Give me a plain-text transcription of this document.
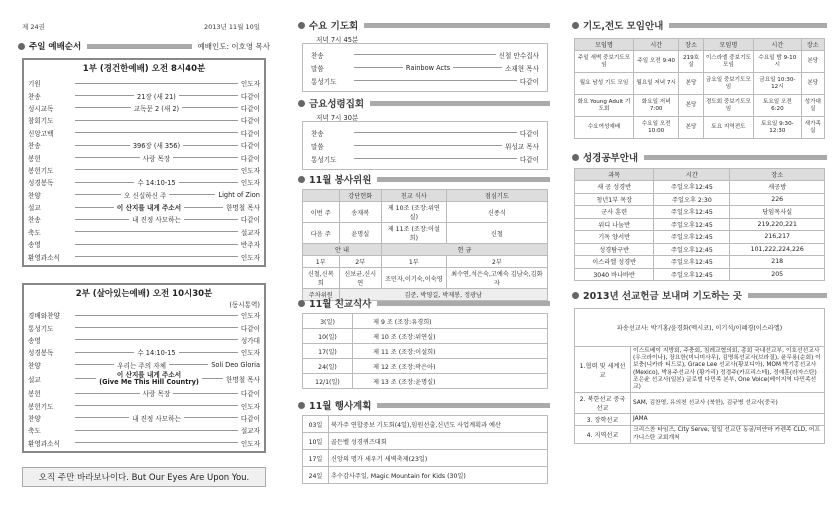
제 24권	2013년 11월 10일
주일 예배순서	예배인도: 이호영 목사
1부 (경건한예배) 오전 8시40분
기원	인도자
찬송	21장 (새 21)	다같이
성시교독	교독문 2 (새 2)	다같이
참회기도	다같이
신앙고백	다같이
찬송	396장 (새 356)	다같이
봉헌	사랑 목장	다같이
봉헌기도	인도자
성경봉독	수 14:10-15	인도자
찬양	오 신실하신 주	Light of Zion
설교	이 산지를 내게 주소서	한명철 목사
찬송	내 진정 사모하는	다같이
축도	설교자
송영	반주자
환영과소식	인도자
2부 (살아있는예배) 오전 10시30분
(동시통역)
경배와찬양	인도자
통성기도	다같이
송영	성가대
성경봉독	수 14:10-15	인도자
찬양	우리는 주의 자체	Soli Deo Gloria
설교
이 산지를 내게 주소서
(Give Me This Hill Country)	한명철 목사
봉헌	사랑 목장	다같이
봉헌기도	인도자
찬양	내 진정 사모하는	다같이
축도	설교자
환영과소식	인도자
오직 주만 바라보나이다. But Our Eyes Are Upon You.
수요 기도회
저녁 7시 45분
찬송	신철 안수집사
말씀	Rainbow Acts	소재현 목사
통성기도	다같이
금요성령집회
저녁 7시 30분
찬송	다같이
말씀	위성교 목사
통성기도	다같이
11월 봉사위원
	강단헌화	친교 식사	점심기도
이번 주	송재복	제 10조 (조장:위연실)	신종식
다음 주	윤명실	제 11조 (조장:이설희)	신철
안 내		헌 금	
1부	2부	1부	2부
신철,신복희	신보균,신시연	조민자,이기숙,이숙영	최수연,석은숙,고예숙 김남숙,김화자
주차위원	김준, 박영길, 박제봉, 정광남		
11월 친교식사
3(일)	제 9 조 (조장:유경희)
10(일)	제 10 조 (조장:위연실)
17(일)	제 11 조 (조장:이설희)
24(일)	제 12 조 (조장:곽은아)
12/1(일)	제 13 조 (조장:윤명실)
11월 행사계획
03일	북가주 연합중보 기도회(4일),임원선출,신년도 사업계획과 예산
10일	골든벨 성경퀴즈대회
17일	신앙의 명가 세우기 새벽축제(23일)
24일	추수감사주일, Magic Mountain for Kids (30일)
기도,전도 모임안내
모임명	시간	장소	모임명	시간	장소
주일 새벽 중보기도모임	주일 오전 9:40	219호실	이스라엘 중보기도모임	수요일 밤 9-10시	본당
월요 남성 기도 모임	월요일 저녁 7시	본당	금요일 중보기도모임	금요일 10:30-12시	본당
화요 Young Adult 기도회	화요일 저녁7:00	본당	경도회 중보기도모임	토요일 오전 6:20	성가대실
수요여성예배	수요일 오전 10:00	본당	토요 지역전도	토요일 9:30-12:30	새가족실
성경공부안내
과목	시간	장소
새 공 성경반	주일오후12:45	새공방
청년1부 목장	주일오후 2:30	226
군사 훈련	주일오후12:45	당임목사실
위디 나눔반	주일오후12:45	219,220,221
기독 양서반	주일오후12:45	216,217
성경탐구반	주일오후12:45	101,222,224,226
이스라엘 성경반	주일오후12:45	218
3040 바나바반	주일오후12:45	205
2013년 선교헌금 보내며 기도하는 곳
파송선교사: 박기홍/윤경화(멕시코), 이기석/이혜경(이스라엘)	
1.협력 및 세계선교	이스트베이 지방회, 주충회, 침례교협의회, 총회 국내선교부, 이호선선교사(우크라이나), 장요한(미니미사무), 김명록선교사(브라질), 윤무용(순회) 이보충(니카라 티드로), Grace Lee 선교사(황보디아), MOM 박기홍선교사 (Mexico), 박용주선교사 (황가리) 정경주(카프리스테), 정예훈(라자스탄)조은윤 선교사(일본) 글로벌 다민족 본부, One Voice(베이지역 다민족선교)
2. 북한선교 중국선교	SAM, 김찬영, 유의천 선교사 (북한), 김규병 선교사(중국)
3. 장학선교	JAMA
4. 지역선교	크리스찬 타임즈, City Serve, 일일 선교단 동굴/미얀마 카렌족 CLD, 어프가니스탄 교회개척
